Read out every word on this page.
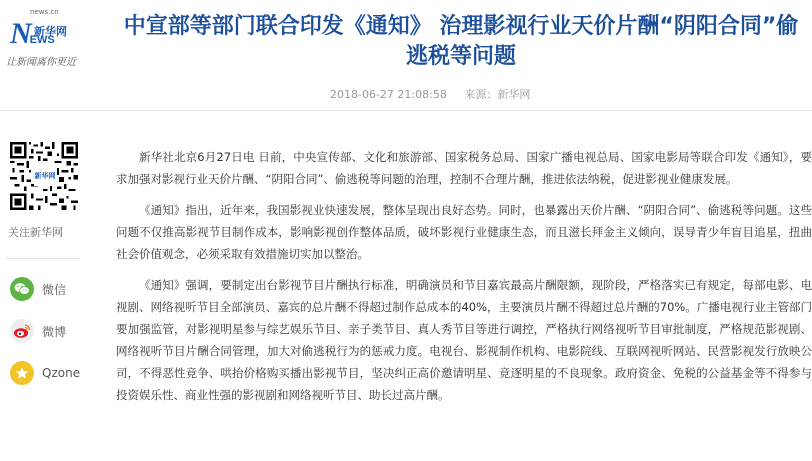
news.cn
N
EWS
新华网
让新闻离你更近
中宣部等部门联合印发《通知》 治理影视行业天价片酬“阴阳合同”偷逃税等问题
2018-06-27 21:08:58 来源：新华网
新华网
关注新华网
微信
微博
Qzone

新华社北京6月27日电 日前，中央宣传部、文化和旅游部、国家税务总局、国家广播电视总局、国家电影局等联合印发《通知》，要求加强对影视行业天价片酬、“阴阳合同”、偷逃税等问题的治理，控制不合理片酬，推进依法纳税，促进影视业健康发展。

《通知》指出，近年来，我国影视业快速发展，整体呈现出良好态势。同时，也暴露出天价片酬、“阴阳合同”、偷逃税等问题。这些问题不仅推高影视节目制作成本，影响影视创作整体品质，破坏影视行业健康生态，而且滋长拜金主义倾向，误导青少年盲目追星，扭曲社会价值观念，必须采取有效措施切实加以整治。

《通知》强调，要制定出台影视节目片酬执行标准，明确演员和节目嘉宾最高片酬限额，现阶段，严格落实已有规定，每部电影、电视剧、网络视听节目全部演员、嘉宾的总片酬不得超过制作总成本的40%，主要演员片酬不得超过总片酬的70%。广播电视行业主管部门要加强监管，对影视明星参与综艺娱乐节目、亲子类节目、真人秀节目等进行调控，严格执行网络视听节目审批制度，严格规范影视剧、网络视听节目片酬合同管理，加大对偷逃税行为的惩戒力度。电视台、影视制作机构、电影院线、互联网视听网站、民营影视发行放映公司，不得恶性竞争、哄抬价格购买播出影视节目，坚决纠正高价邀请明星、竞逐明星的不良现象。政府资金、免税的公益基金等不得参与投资娱乐性、商业性强的影视剧和网络视听节目、助长过高片酬。
